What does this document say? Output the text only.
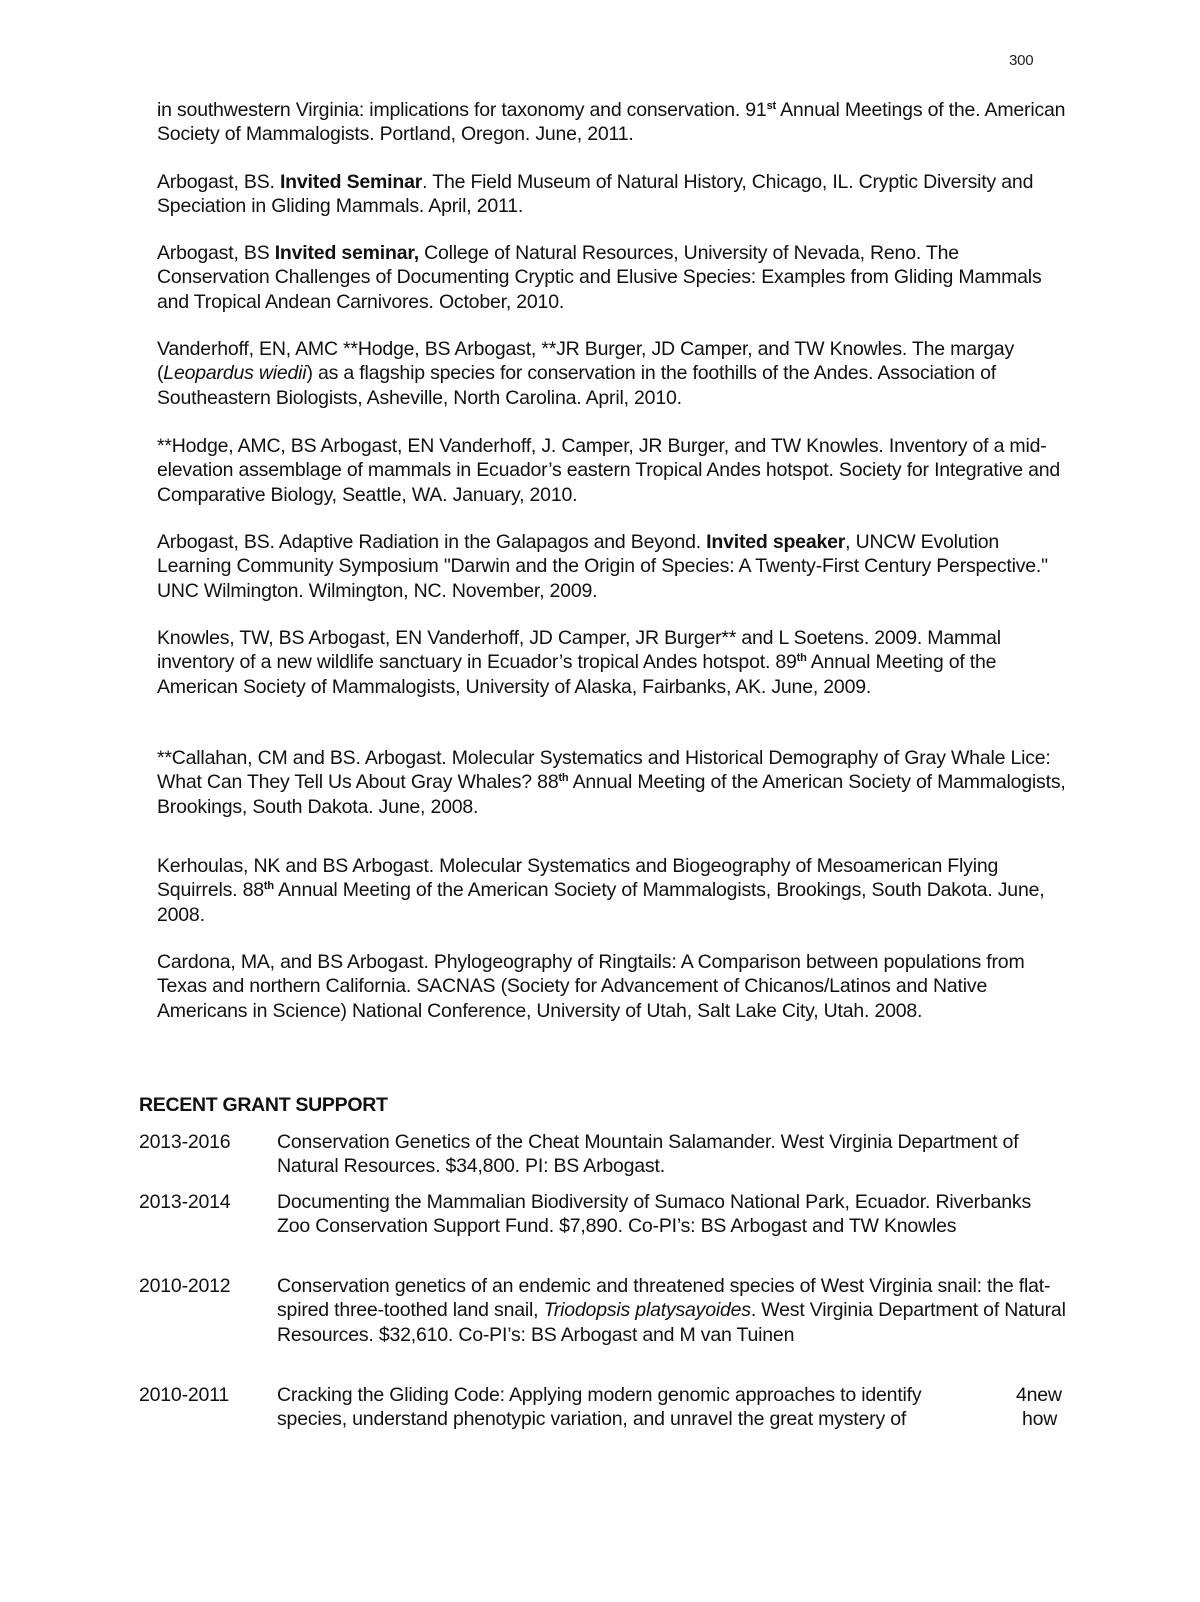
300
in southwestern Virginia: implications for taxonomy and conservation. 91st Annual Meetings of the. American Society of Mammalogists. Portland, Oregon. June, 2011.
Arbogast, BS. Invited Seminar. The Field Museum of Natural History, Chicago, IL. Cryptic Diversity and Speciation in Gliding Mammals. April, 2011.
Arbogast, BS Invited seminar, College of Natural Resources, University of Nevada, Reno. The Conservation Challenges of Documenting Cryptic and Elusive Species: Examples from Gliding Mammals and Tropical Andean Carnivores. October, 2010.
Vanderhoff, EN, AMC **Hodge, BS Arbogast, **JR Burger, JD Camper, and TW Knowles. The margay (Leopardus wiedii) as a flagship species for conservation in the foothills of the Andes. Association of Southeastern Biologists, Asheville, North Carolina. April, 2010.
**Hodge, AMC, BS Arbogast, EN Vanderhoff, J. Camper, JR Burger, and TW Knowles. Inventory of a mid-elevation assemblage of mammals in Ecuador’s eastern Tropical Andes hotspot. Society for Integrative and Comparative Biology, Seattle, WA. January, 2010.
Arbogast, BS. Adaptive Radiation in the Galapagos and Beyond. Invited speaker, UNCW Evolution Learning Community Symposium "Darwin and the Origin of Species: A Twenty-First Century Perspective." UNC Wilmington. Wilmington, NC. November, 2009.
Knowles, TW, BS Arbogast, EN Vanderhoff, JD Camper, JR Burger** and L Soetens. 2009. Mammal inventory of a new wildlife sanctuary in Ecuador’s tropical Andes hotspot. 89th Annual Meeting of the American Society of Mammalogists, University of Alaska, Fairbanks, AK. June, 2009.
**Callahan, CM and BS. Arbogast. Molecular Systematics and Historical Demography of Gray Whale Lice: What Can They Tell Us About Gray Whales? 88th Annual Meeting of the American Society of Mammalogists, Brookings, South Dakota. June, 2008.
Kerhoulas, NK and BS Arbogast. Molecular Systematics and Biogeography of Mesoamerican Flying Squirrels. 88th Annual Meeting of the American Society of Mammalogists, Brookings, South Dakota. June, 2008.
Cardona, MA, and BS Arbogast. Phylogeography of Ringtails: A Comparison between populations from Texas and northern California. SACNAS (Society for Advancement of Chicanos/Latinos and Native Americans in Science) National Conference, University of Utah, Salt Lake City, Utah. 2008.
RECENT GRANT SUPPORT
2013-2016	Conservation Genetics of the Cheat Mountain Salamander. West Virginia Department of Natural Resources. $34,800. PI: BS Arbogast.
2013-2014	Documenting the Mammalian Biodiversity of Sumaco National Park, Ecuador. Riverbanks Zoo Conservation Support Fund. $7,890. Co-PI’s: BS Arbogast and TW Knowles
2010-2012	Conservation genetics of an endemic and threatened species of West Virginia snail: the flat-spired three-toothed land snail, Triodopsis platysayoides. West Virginia Department of Natural Resources. $32,610. Co-PI’s: BS Arbogast and M van Tuinen
2010-2011	Cracking the Gliding Code: Applying modern genomic approaches to identify
species, understand phenotypic variation, and unravel the great mystery of
4new
how
